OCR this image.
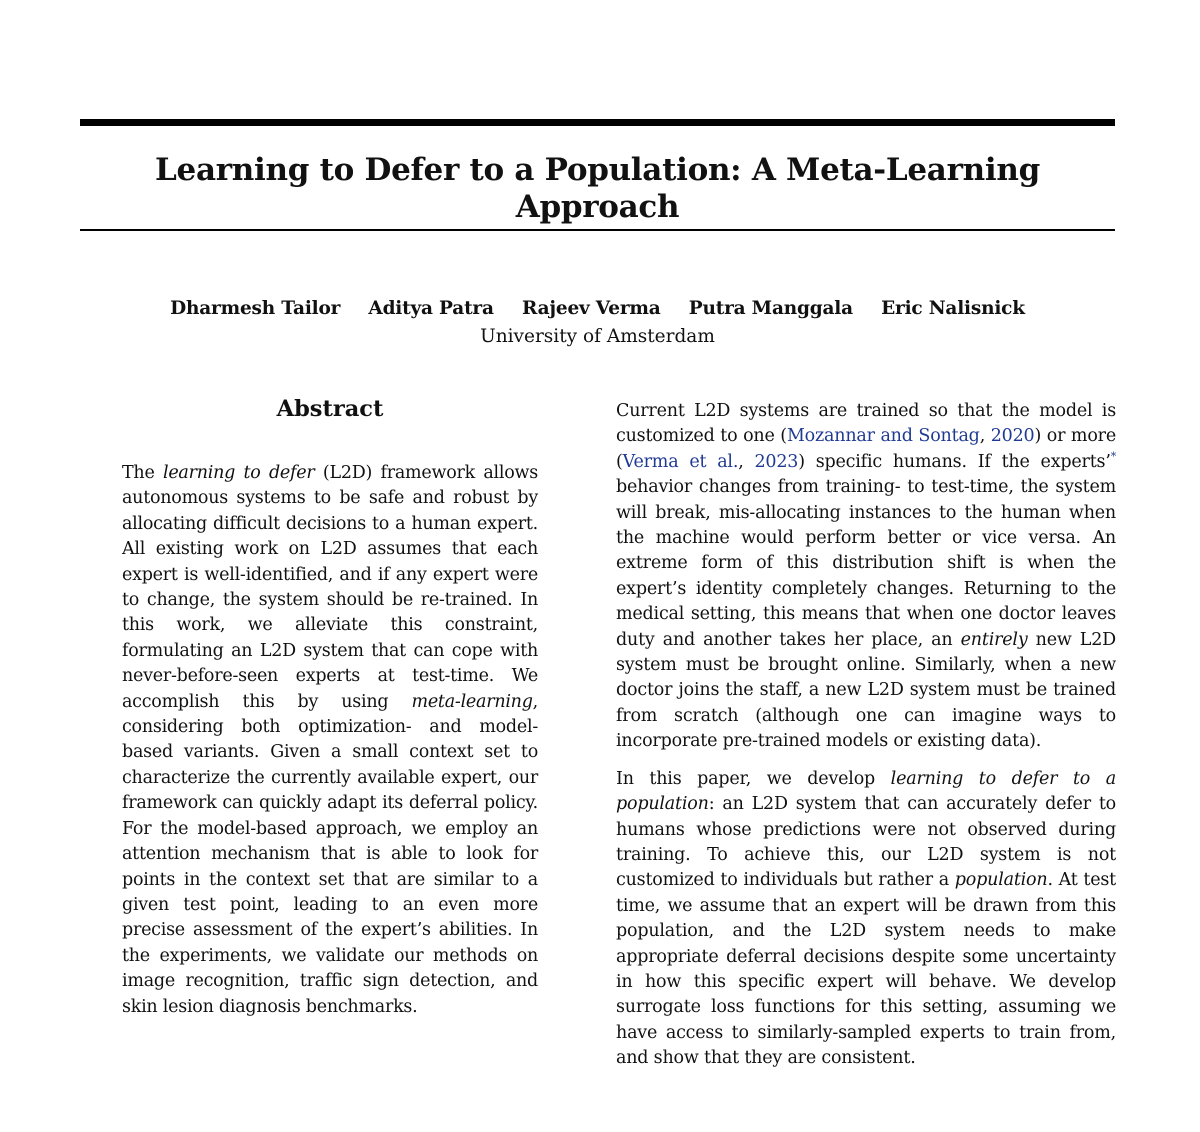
Learning to Defer to a Population: A Meta-Learning Approach
Dharmesh Tailor Aditya Patra Rajeev Verma Putra Manggala Eric Nalisnick
University of Amsterdam
Abstract

The learning to defer (L2D) framework allows autonomous systems to be safe and robust by allocating difficult decisions to a human expert. All existing work on L2D assumes that each expert is well-identified, and if any expert were to change, the system should be re-trained. In this work, we alleviate this constraint, formulating an L2D system that can cope with never-before-seen experts at test-time. We accomplish this by using meta-learning, considering both optimization- and model-based variants. Given a small context set to characterize the currently available expert, our framework can quickly adapt its deferral policy. For the model-based approach, we employ an attention mechanism that is able to look for points in the context set that are similar to a given test point, leading to an even more precise assessment of the expert’s abilities. In the experiments, we validate our methods on image recognition, traffic sign detection, and skin lesion diagnosis benchmarks.

Current L2D systems are trained so that the model is customized to one (Mozannar and Sontag, 2020) or more (Verma et al., 2023) specific humans. If the experts’* behavior changes from training- to test-time, the system will break, mis-allocating instances to the human when the machine would perform better or vice versa. An extreme form of this distribution shift is when the expert’s identity completely changes. Returning to the medical setting, this means that when one doctor leaves duty and another takes her place, an entirely new L2D system must be brought online. Similarly, when a new doctor joins the staff, a new L2D system must be trained from scratch (although one can imagine ways to incorporate pre-trained models or existing data).

In this paper, we develop learning to defer to a population: an L2D system that can accurately defer to humans whose predictions were not observed during training. To achieve this, our L2D system is not customized to individuals but rather a population. At test time, we assume that an expert will be drawn from this population, and the L2D system needs to make appropriate deferral decisions despite some uncertainty in how this specific expert will behave. We develop surrogate loss functions for this setting, assuming we have access to similarly-sampled experts to train from, and show that they are consistent.
